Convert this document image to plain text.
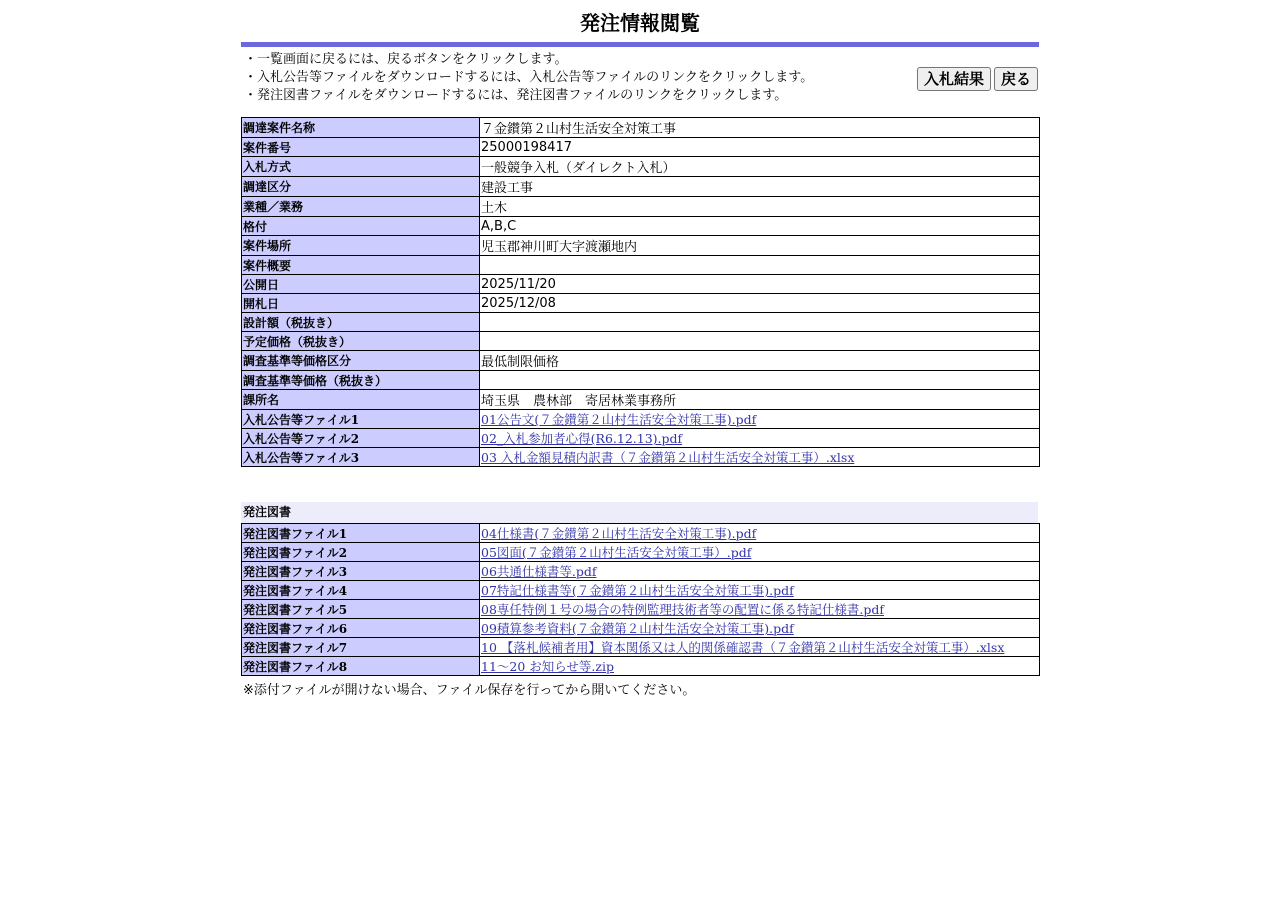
発注情報閲覧
・一覧画面に戻るには、戻るボタンをクリックします。
・入札公告等ファイルをダウンロードするには、入札公告等ファイルのリンクをクリックします。
・発注図書ファイルをダウンロードするには、発注図書ファイルのリンクをクリックします。
入札結果	戻る
調達案件名称	７金鑚第２山村生活安全対策工事
案件番号	25000198417
入札方式	一般競争入札（ダイレクト入札）
調達区分	建設工事
業種／業務	土木
格付	A,B,C
案件場所	児玉郡神川町大字渡瀬地内
案件概要	
公開日	2025/11/20
開札日	2025/12/08
設計額（税抜き）	
予定価格（税抜き）	
調査基準等価格区分	最低制限価格
調査基準等価格（税抜き）	
課所名	埼玉県　農林部　寄居林業事務所
入札公告等ファイル1	01公告文(７金鑚第２山村生活安全対策工事).pdf
入札公告等ファイル2	02_入札参加者心得(R6.12.13).pdf
入札公告等ファイル3	03 入札金額見積内訳書（７金鑚第２山村生活安全対策工事）.xlsx
発注図書
発注図書ファイル1	04仕様書(７金鑚第２山村生活安全対策工事).pdf
発注図書ファイル2	05図面(７金鑚第２山村生活安全対策工事）.pdf
発注図書ファイル3	06共通仕様書等.pdf
発注図書ファイル4	07特記仕様書等(７金鑚第２山村生活安全対策工事).pdf
発注図書ファイル5	08専任特例１号の場合の特例監理技術者等の配置に係る特記仕様書.pdf
発注図書ファイル6	09積算参考資料(７金鑚第２山村生活安全対策工事).pdf
発注図書ファイル7	10 【落札候補者用】資本関係又は人的関係確認書（７金鑚第２山村生活安全対策工事）.xlsx
発注図書ファイル8	11～20 お知らせ等.zip
※添付ファイルが開けない場合、ファイル保存を行ってから開いてください。
